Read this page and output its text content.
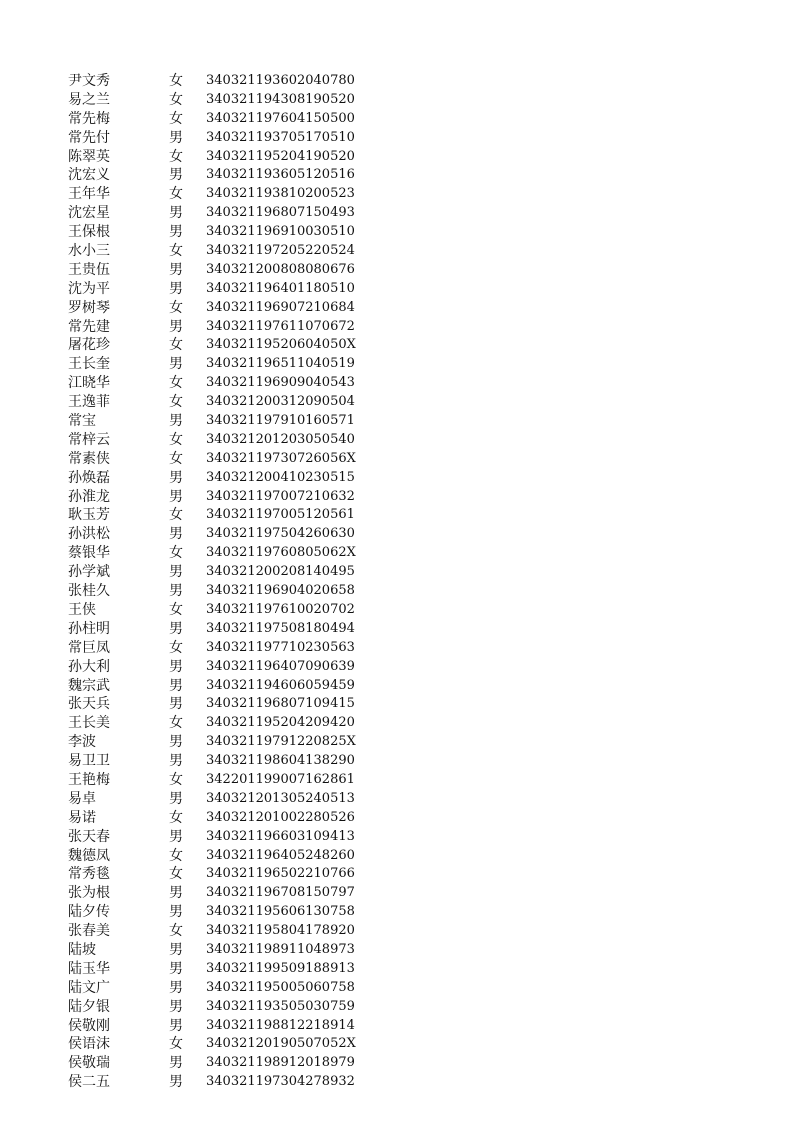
尹文秀	女 340321193602040780
易之兰	女 340321194308190520
常先梅	女 340321197604150500
常先付	男 340321193705170510
陈翠英	女 340321195204190520
沈宏义	男 340321193605120516
王年华	女 340321193810200523
沈宏星	男 340321196807150493
王保根	男 340321196910030510
水小三	女 340321197205220524
王贵伍	男 340321200808080676
沈为平	男 340321196401180510
罗树琴	女 340321196907210684
常先建	男 340321197611070672
屠花珍	女 34032119520604050X
王长奎	男 340321196511040519
江晓华	女 340321196909040543
王逸菲	女 340321200312090504
常宝	男 340321197910160571
常梓云	女 340321201203050540
常素侠	女 34032119730726056X
孙焕磊	男 340321200410230515
孙淮龙	男 340321197007210632
耿玉芳	女 340321197005120561
孙洪松	男 340321197504260630
蔡银华	女 34032119760805062X
孙学斌	男 340321200208140495
张桂久	男 340321196904020658
王侠	女 340321197610020702
孙柱明	男 340321197508180494
常巨凤	女 340321197710230563
孙大利	男 340321196407090639
魏宗武	男 340321194606059459
张天兵	男 340321196807109415
王长美	女 340321195204209420
李波	男 34032119791220825X
易卫卫	男 340321198604138290
王艳梅	女 342201199007162861
易卓	男 340321201305240513
易诺	女 340321201002280526
张天春	男 340321196603109413
魏德凤	女 340321196405248260
常秀毯	女 340321196502210766
张为根	男 340321196708150797
陆夕传	男 340321195606130758
张春美	女 340321195804178920
陆坡	男 340321198911048973
陆玉华	男 340321199509188913
陆文广	男 340321195005060758
陆夕银	男 340321193505030759
侯敬刚	男 340321198812218914
侯语沫	女 34032120190507052X
侯敬瑞	男 340321198912018979
侯二五	男 340321197304278932
